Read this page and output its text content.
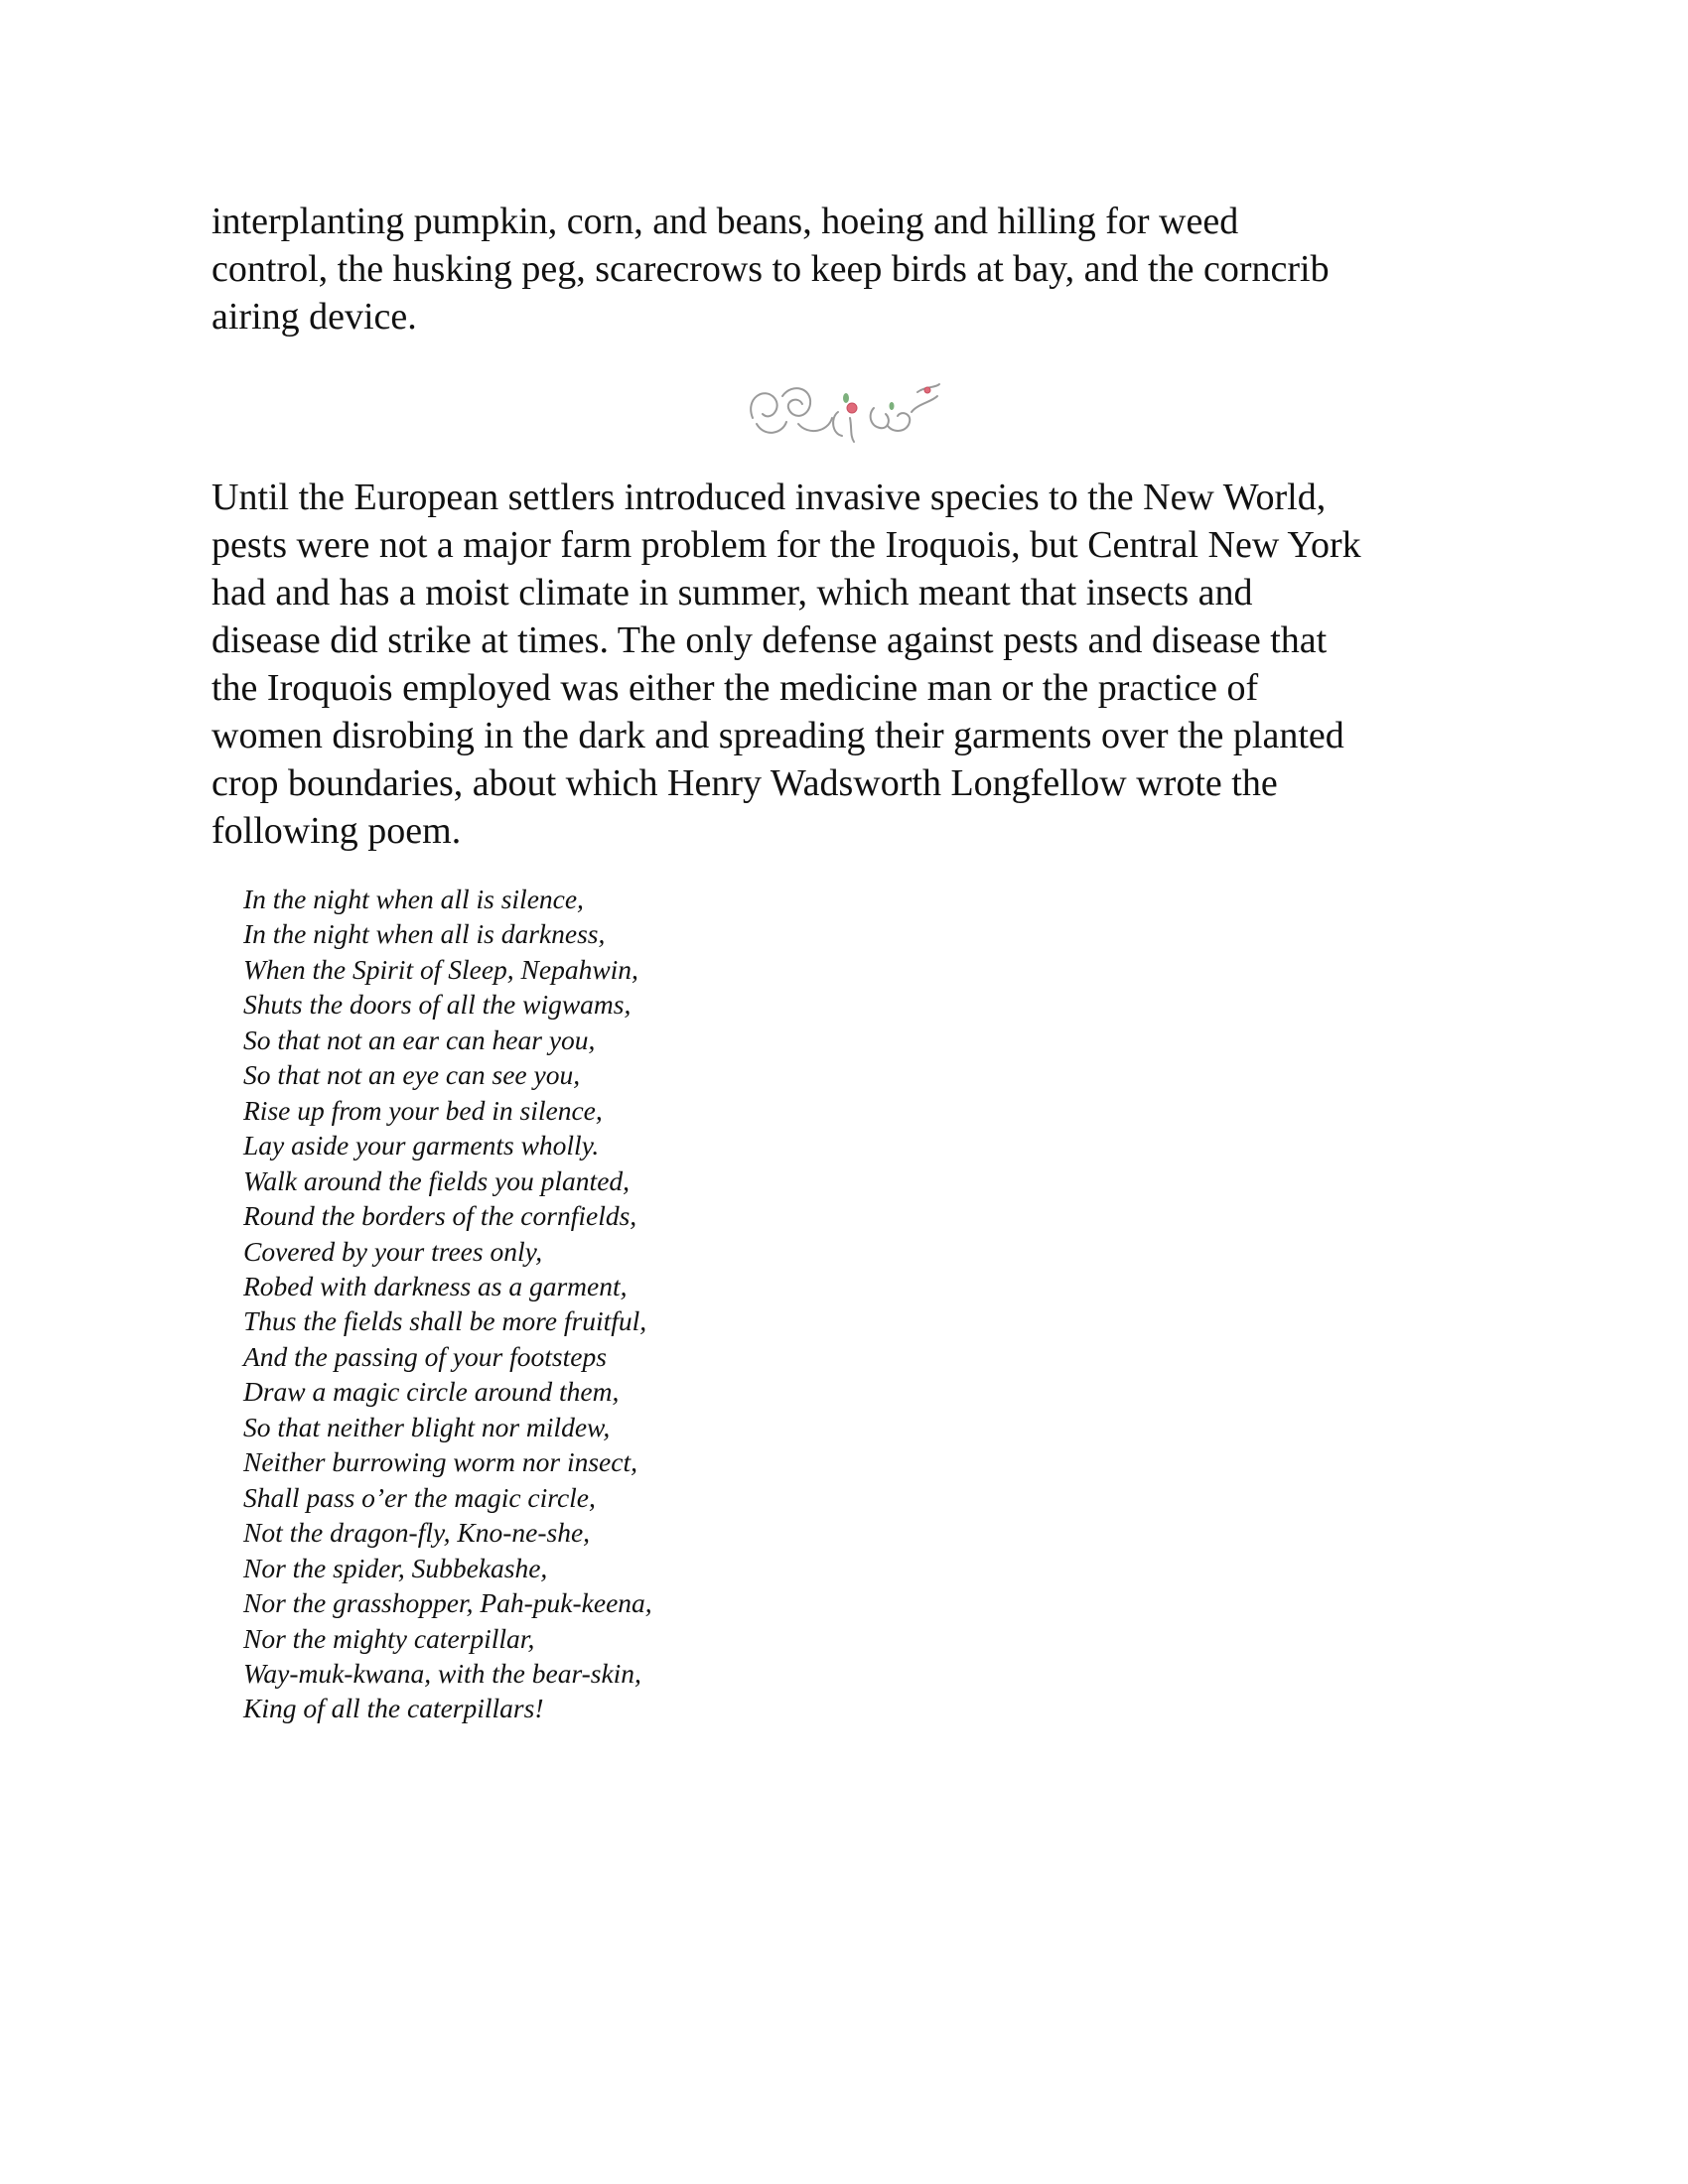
interplanting pumpkin, corn, and beans, hoeing and hilling for weed
control, the husking peg, scarecrows to keep birds at bay, and the corncrib
airing device.

Until the European settlers introduced invasive species to the New World,
pests were not a major farm problem for the Iroquois, but Central New York
had and has a moist climate in summer, which meant that insects and
disease did strike at times. The only defense against pests and disease that
the Iroquois employed was either the medicine man or the practice of
women disrobing in the dark and spreading their garments over the planted
crop boundaries, about which Henry Wadsworth Longfellow wrote the
following poem.

In the night when all is silence,
In the night when all is darkness,
When the Spirit of Sleep, Nepahwin,
Shuts the doors of all the wigwams,
So that not an ear can hear you,
So that not an eye can see you,
Rise up from your bed in silence,
Lay aside your garments wholly.
Walk around the fields you planted,
Round the borders of the cornfields,
Covered by your trees only,
Robed with darkness as a garment,
Thus the fields shall be more fruitful,
And the passing of your footsteps
Draw a magic circle around them,
So that neither blight nor mildew,
Neither burrowing worm nor insect,
Shall pass o’er the magic circle,
Not the dragon-fly, Kno-ne-she,
Nor the spider, Subbekashe,
Nor the grasshopper, Pah-puk-keena,
Nor the mighty caterpillar,
Way-muk-kwana, with the bear-skin,
King of all the caterpillars!
